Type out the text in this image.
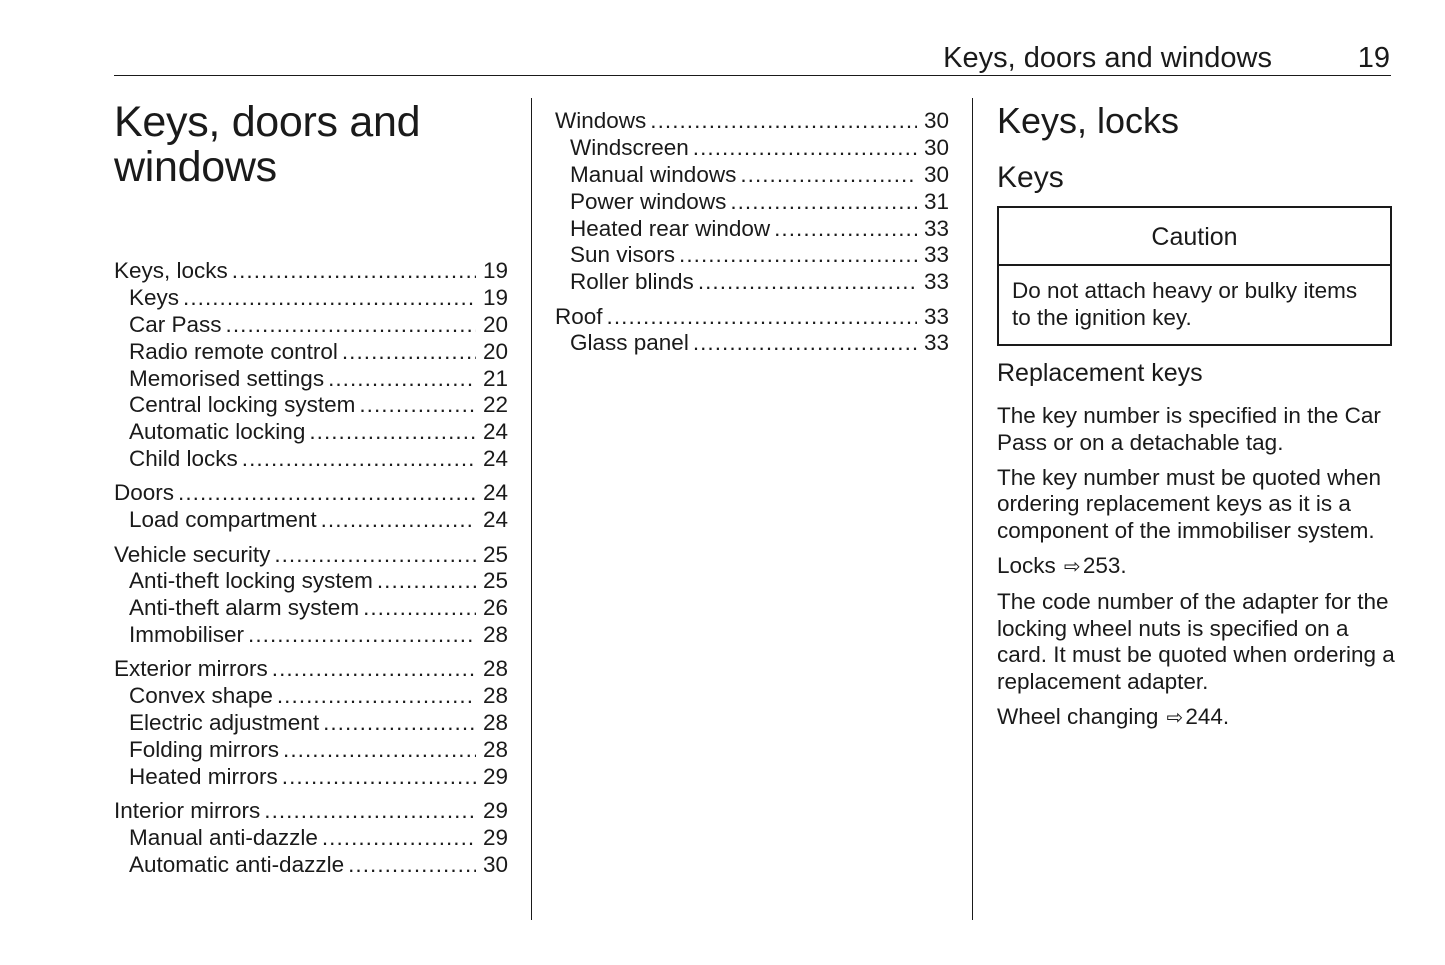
Keys, doors and windows	19
Keys, doors and
windows
Keys, locks . . .	19
Keys . . .	19
Car Pass . . .	20
Radio remote control . . .	20
Memorised settings . . .	21
Central locking system . . .	22
Automatic locking . . .	24
Child locks . . .	24
Doors . . .	24
Load compartment . . .	24
Vehicle security . . .	25
Anti-theft locking system . . .	25
Anti-theft alarm system . . .	26
Immobiliser . . .	28
Exterior mirrors . . .	28
Convex shape . . .	28
Electric adjustment . . .	28
Folding mirrors . . .	28
Heated mirrors . . .	29
Interior mirrors . . .	29
Manual anti-dazzle . . .	29
Automatic anti-dazzle . . .	30
Windows . . .	30
Windscreen . . .	30
Manual windows . . .	30
Power windows . . .	31
Heated rear window . . .	33
Sun visors . . .	33
Roller blinds . . .	33
Roof . . .	33
Glass panel . . .	33
Keys, locks
Keys
Caution
Do not attach heavy or bulky items to the ignition key.
Replacement keys

The key number is specified in the Car Pass or on a detachable tag.

The key number must be quoted when ordering replacement keys as it is a component of the immobiliser system.

Locks ⇨253.

The code number of the adapter for the locking wheel nuts is specified on a card. It must be quoted when ordering a replacement adapter.

Wheel changing ⇨244.
